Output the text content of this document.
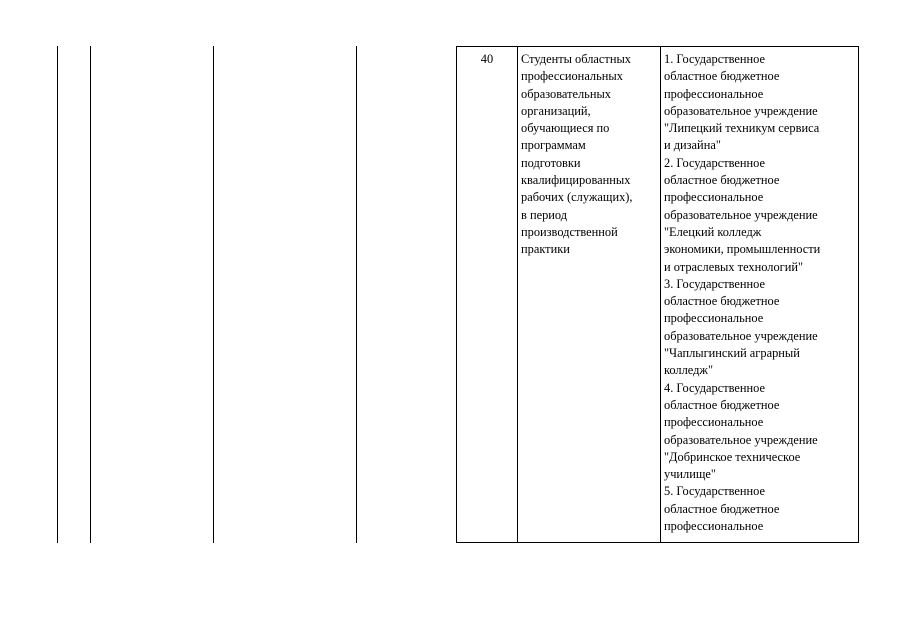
40	Студенты областных
профессиональных
образовательных
организаций,
обучающиеся по
программам
подготовки
квалифицированных
рабочих (служащих),
в период
производственной
практики
1. Государственное
областное бюджетное
профессиональное
образовательное учреждение
"Липецкий техникум сервиса
и дизайна"
2. Государственное
областное бюджетное
профессиональное
образовательное учреждение
"Елецкий колледж
экономики, промышленности
и отраслевых технологий"
3. Государственное
областное бюджетное
профессиональное
образовательное учреждение
"Чаплыгинский аграрный
колледж"
4. Государственное
областное бюджетное
профессиональное
образовательное учреждение
"Добринское техническое
училище"
5. Государственное
областное бюджетное
профессиональное
